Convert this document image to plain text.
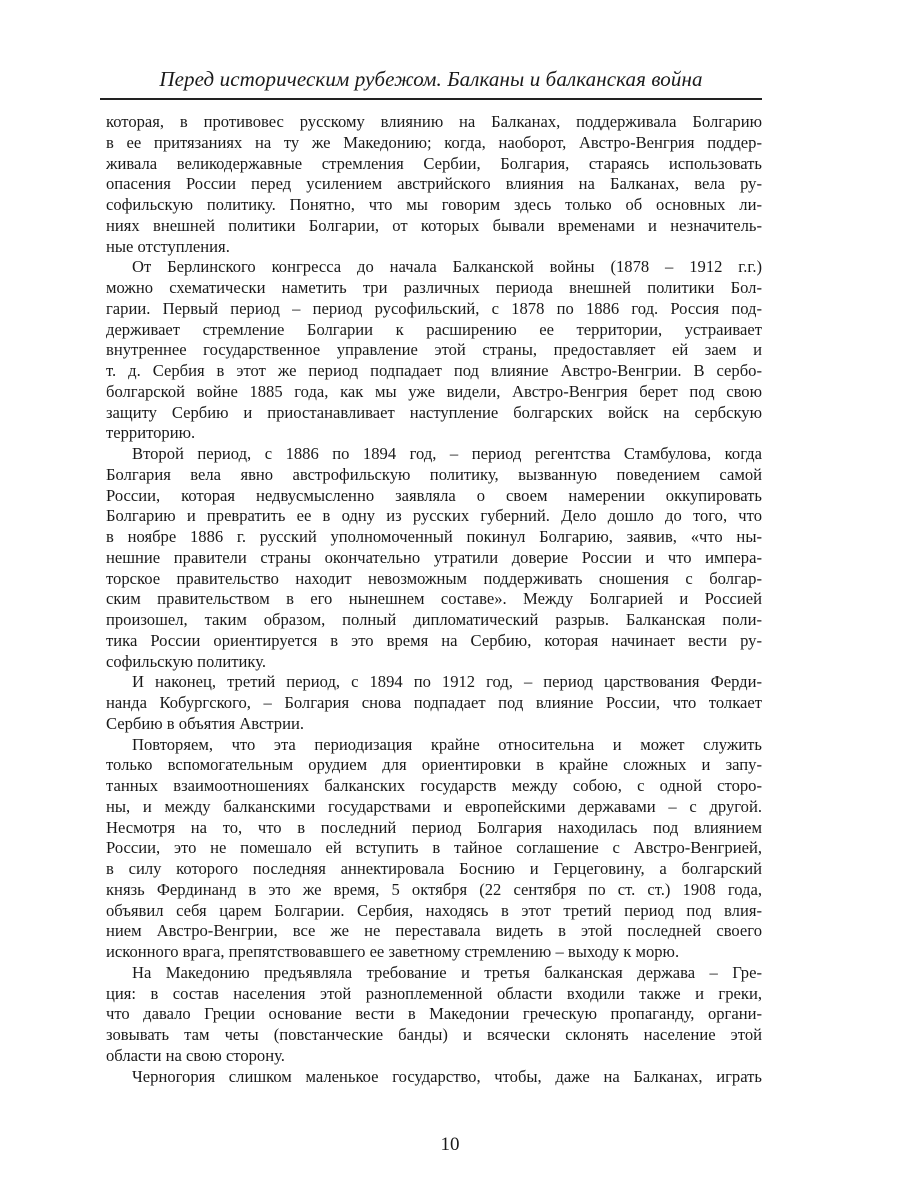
Перед историческим рубежом. Балканы и балканская война
которая, в противовес русскому влиянию на Балканах, поддерживала Болгарию
в ее притязаниях на ту же Македонию; когда, наоборот, Австро-Венгрия поддер-
живала великодержавные стремления Сербии, Болгария, стараясь использовать
опасения России перед усилением австрийского влияния на Балканах, вела ру-
софильскую политику. Понятно, что мы говорим здесь только об основных ли-
ниях внешней политики Болгарии, от которых бывали временами и незначитель-
ные отступления.
От Берлинского конгресса до начала Балканской войны (1878 – 1912 г.г.)
можно схематически наметить три различных периода внешней политики Бол-
гарии. Первый период – период русофильский, с 1878 по 1886 год. Россия под-
держивает стремление Болгарии к расширению ее территории, устраивает
внутреннее государственное управление этой страны, предоставляет ей заем и
т. д. Сербия в этот же период подпадает под влияние Австро-Венгрии. В сербо-
болгарской войне 1885 года, как мы уже видели, Австро-Венгрия берет под свою
защиту Сербию и приостанавливает наступление болгарских войск на сербскую
территорию.
Второй период, с 1886 по 1894 год, – период регентства Стамбулова, когда
Болгария вела явно австрофильскую политику, вызванную поведением самой
России, которая недвусмысленно заявляла о своем намерении оккупировать
Болгарию и превратить ее в одну из русских губерний. Дело дошло до того, что
в ноябре 1886 г. русский уполномоченный покинул Болгарию, заявив, «что ны-
нешние правители страны окончательно утратили доверие России и что импера-
торское правительство находит невозможным поддерживать сношения с болгар-
ским правительством в его нынешнем составе». Между Болгарией и Россией
произошел, таким образом, полный дипломатический разрыв. Балканская поли-
тика России ориентируется в это время на Сербию, которая начинает вести ру-
софильскую политику.
И наконец, третий период, с 1894 по 1912 год, – период царствования Ферди-
нанда Кобургского, – Болгария снова подпадает под влияние России, что толкает
Сербию в объятия Австрии.
Повторяем, что эта периодизация крайне относительна и может служить
только вспомогательным орудием для ориентировки в крайне сложных и запу-
танных взаимоотношениях балканских государств между собою, с одной сторо-
ны, и между балканскими государствами и европейскими державами – с другой.
Несмотря на то, что в последний период Болгария находилась под влиянием
России, это не помешало ей вступить в тайное соглашение с Австро-Венгрией,
в силу которого последняя аннектировала Боснию и Герцеговину, а болгарский
князь Фердинанд в это же время, 5 октября (22 сентября по ст. ст.) 1908 года,
объявил себя царем Болгарии. Сербия, находясь в этот третий период под влия-
нием Австро-Венгрии, все же не переставала видеть в этой последней своего
исконного врага, препятствовавшего ее заветному стремлению – выходу к морю.
На Македонию предъявляла требование и третья балканская держава – Гре-
ция: в состав населения этой разноплеменной области входили также и греки,
что давало Греции основание вести в Македонии греческую пропаганду, органи-
зовывать там четы (повстанческие банды) и всячески склонять население этой
области на свою сторону.
Черногория слишком маленькое государство, чтобы, даже на Балканах, играть
10
